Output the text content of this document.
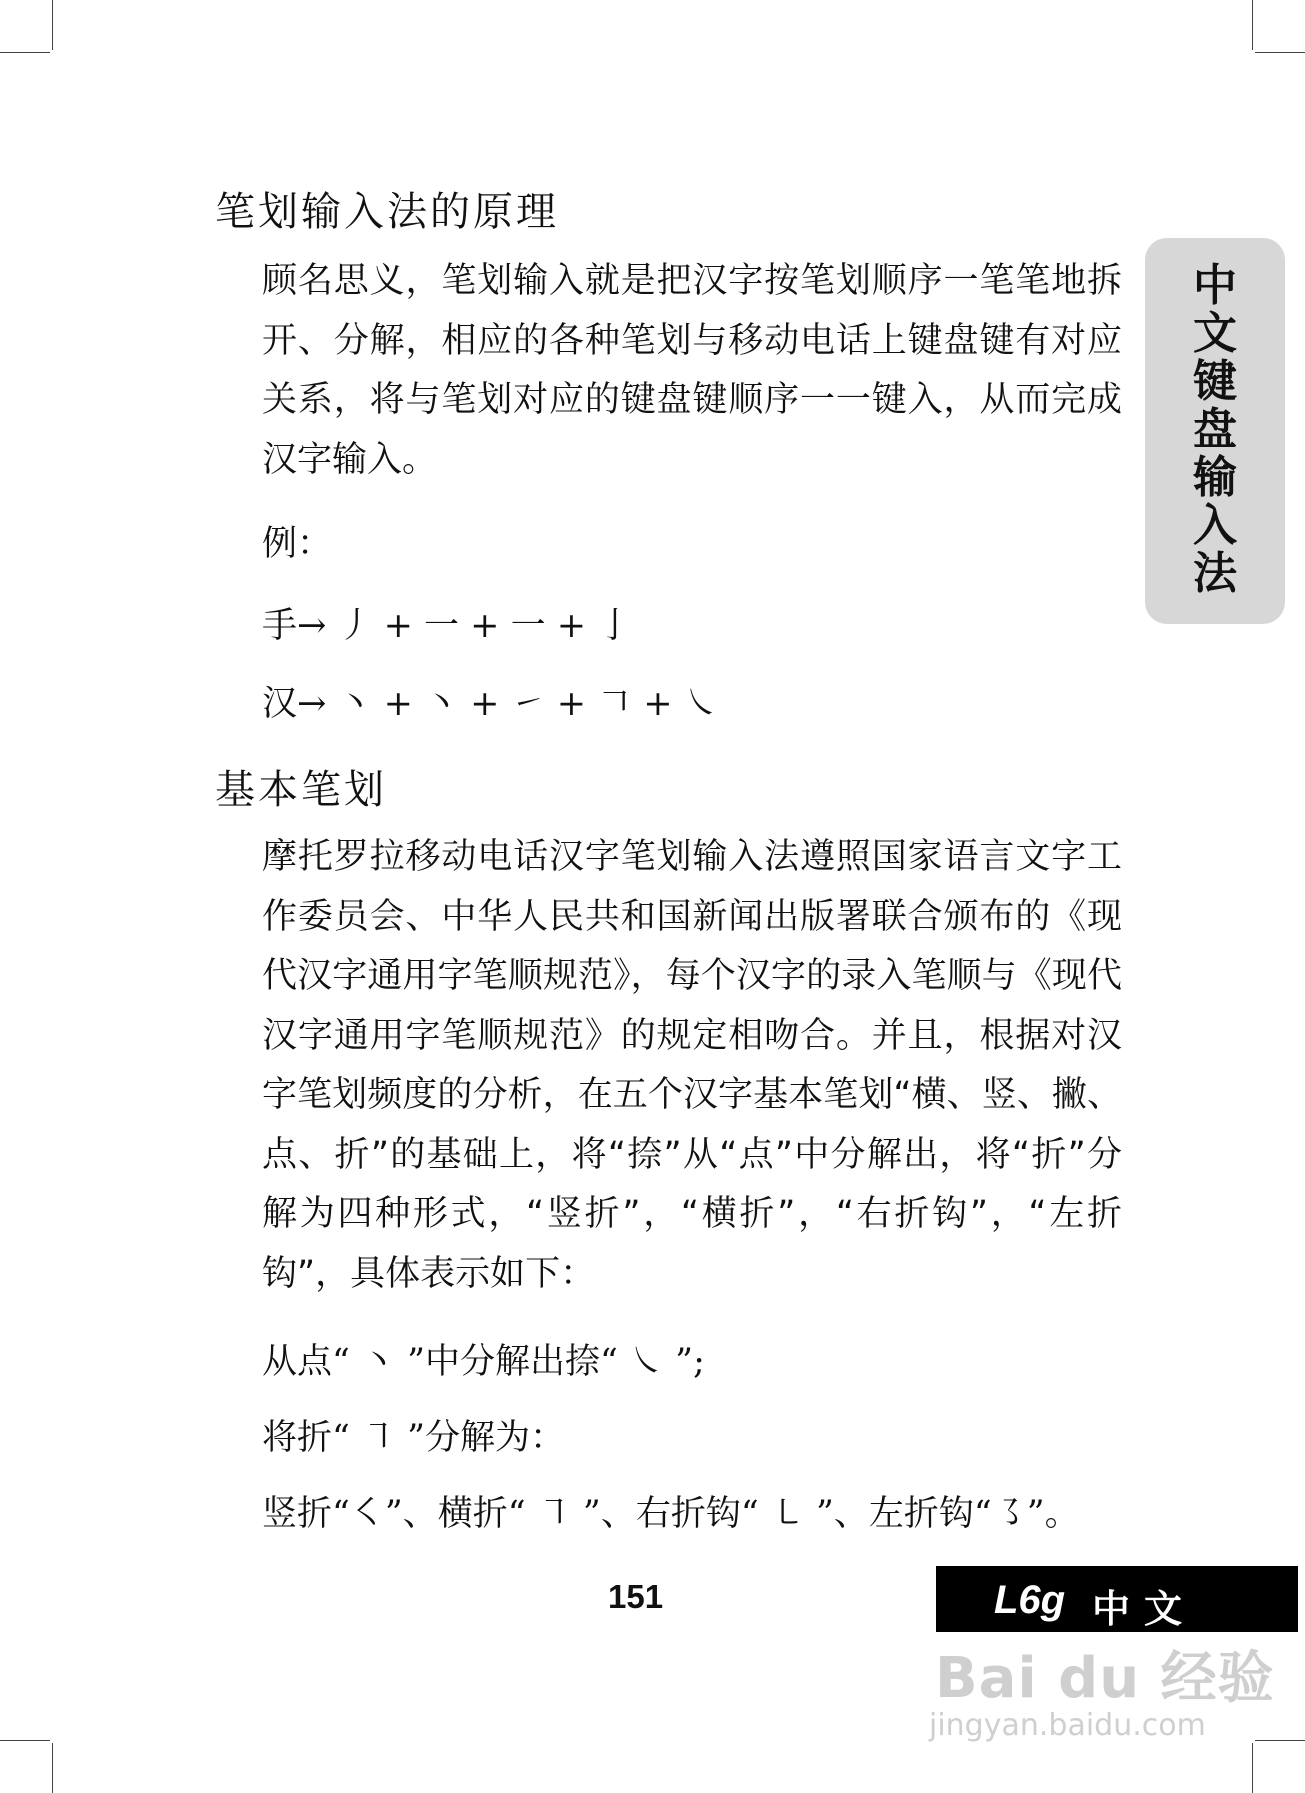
笔划输入法的原理
顾名思义，笔划输入就是把汉字按笔划顺序一笔笔地拆开、分解，相应的各种笔划与移动电话上键盘键有对应关系，将与笔划对应的键盘键顺序一一键入，从而完成汉字输入。
例：
手→ 丿 + 一 + 一 + 亅
汉→ 丶 + 丶 + ㇀ + 𠃍 + ㇏
基本笔划
摩托罗拉移动电话汉字笔划输入法遵照国家语言文字工作委员会、中华人民共和国新闻出版署联合颁布的《现代汉字通用字笔顺规范》，每个汉字的录入笔顺与《现代汉字通用字笔顺规范》的规定相吻合。并且，根据对汉字笔划频度的分析，在五个汉字基本笔划“横、竖、撇、点、折”的基础上，将“捺”从“点”中分解出，将“折”分解为四种形式，“竖折”，“横折”，“右折钩”，“左折钩”，具体表示如下：
从点“ 丶 ”中分解出捺“ ㇏ ”;
将折“ ㇕ ”分解为：
竖折“㇛”、横折“ ㇕ ”、右折钩“ ㇄ ”、左折钩“㇌”。
中文键盘输入法
151	L6g 中文
Bai du 经验
jingyan.baidu.com
